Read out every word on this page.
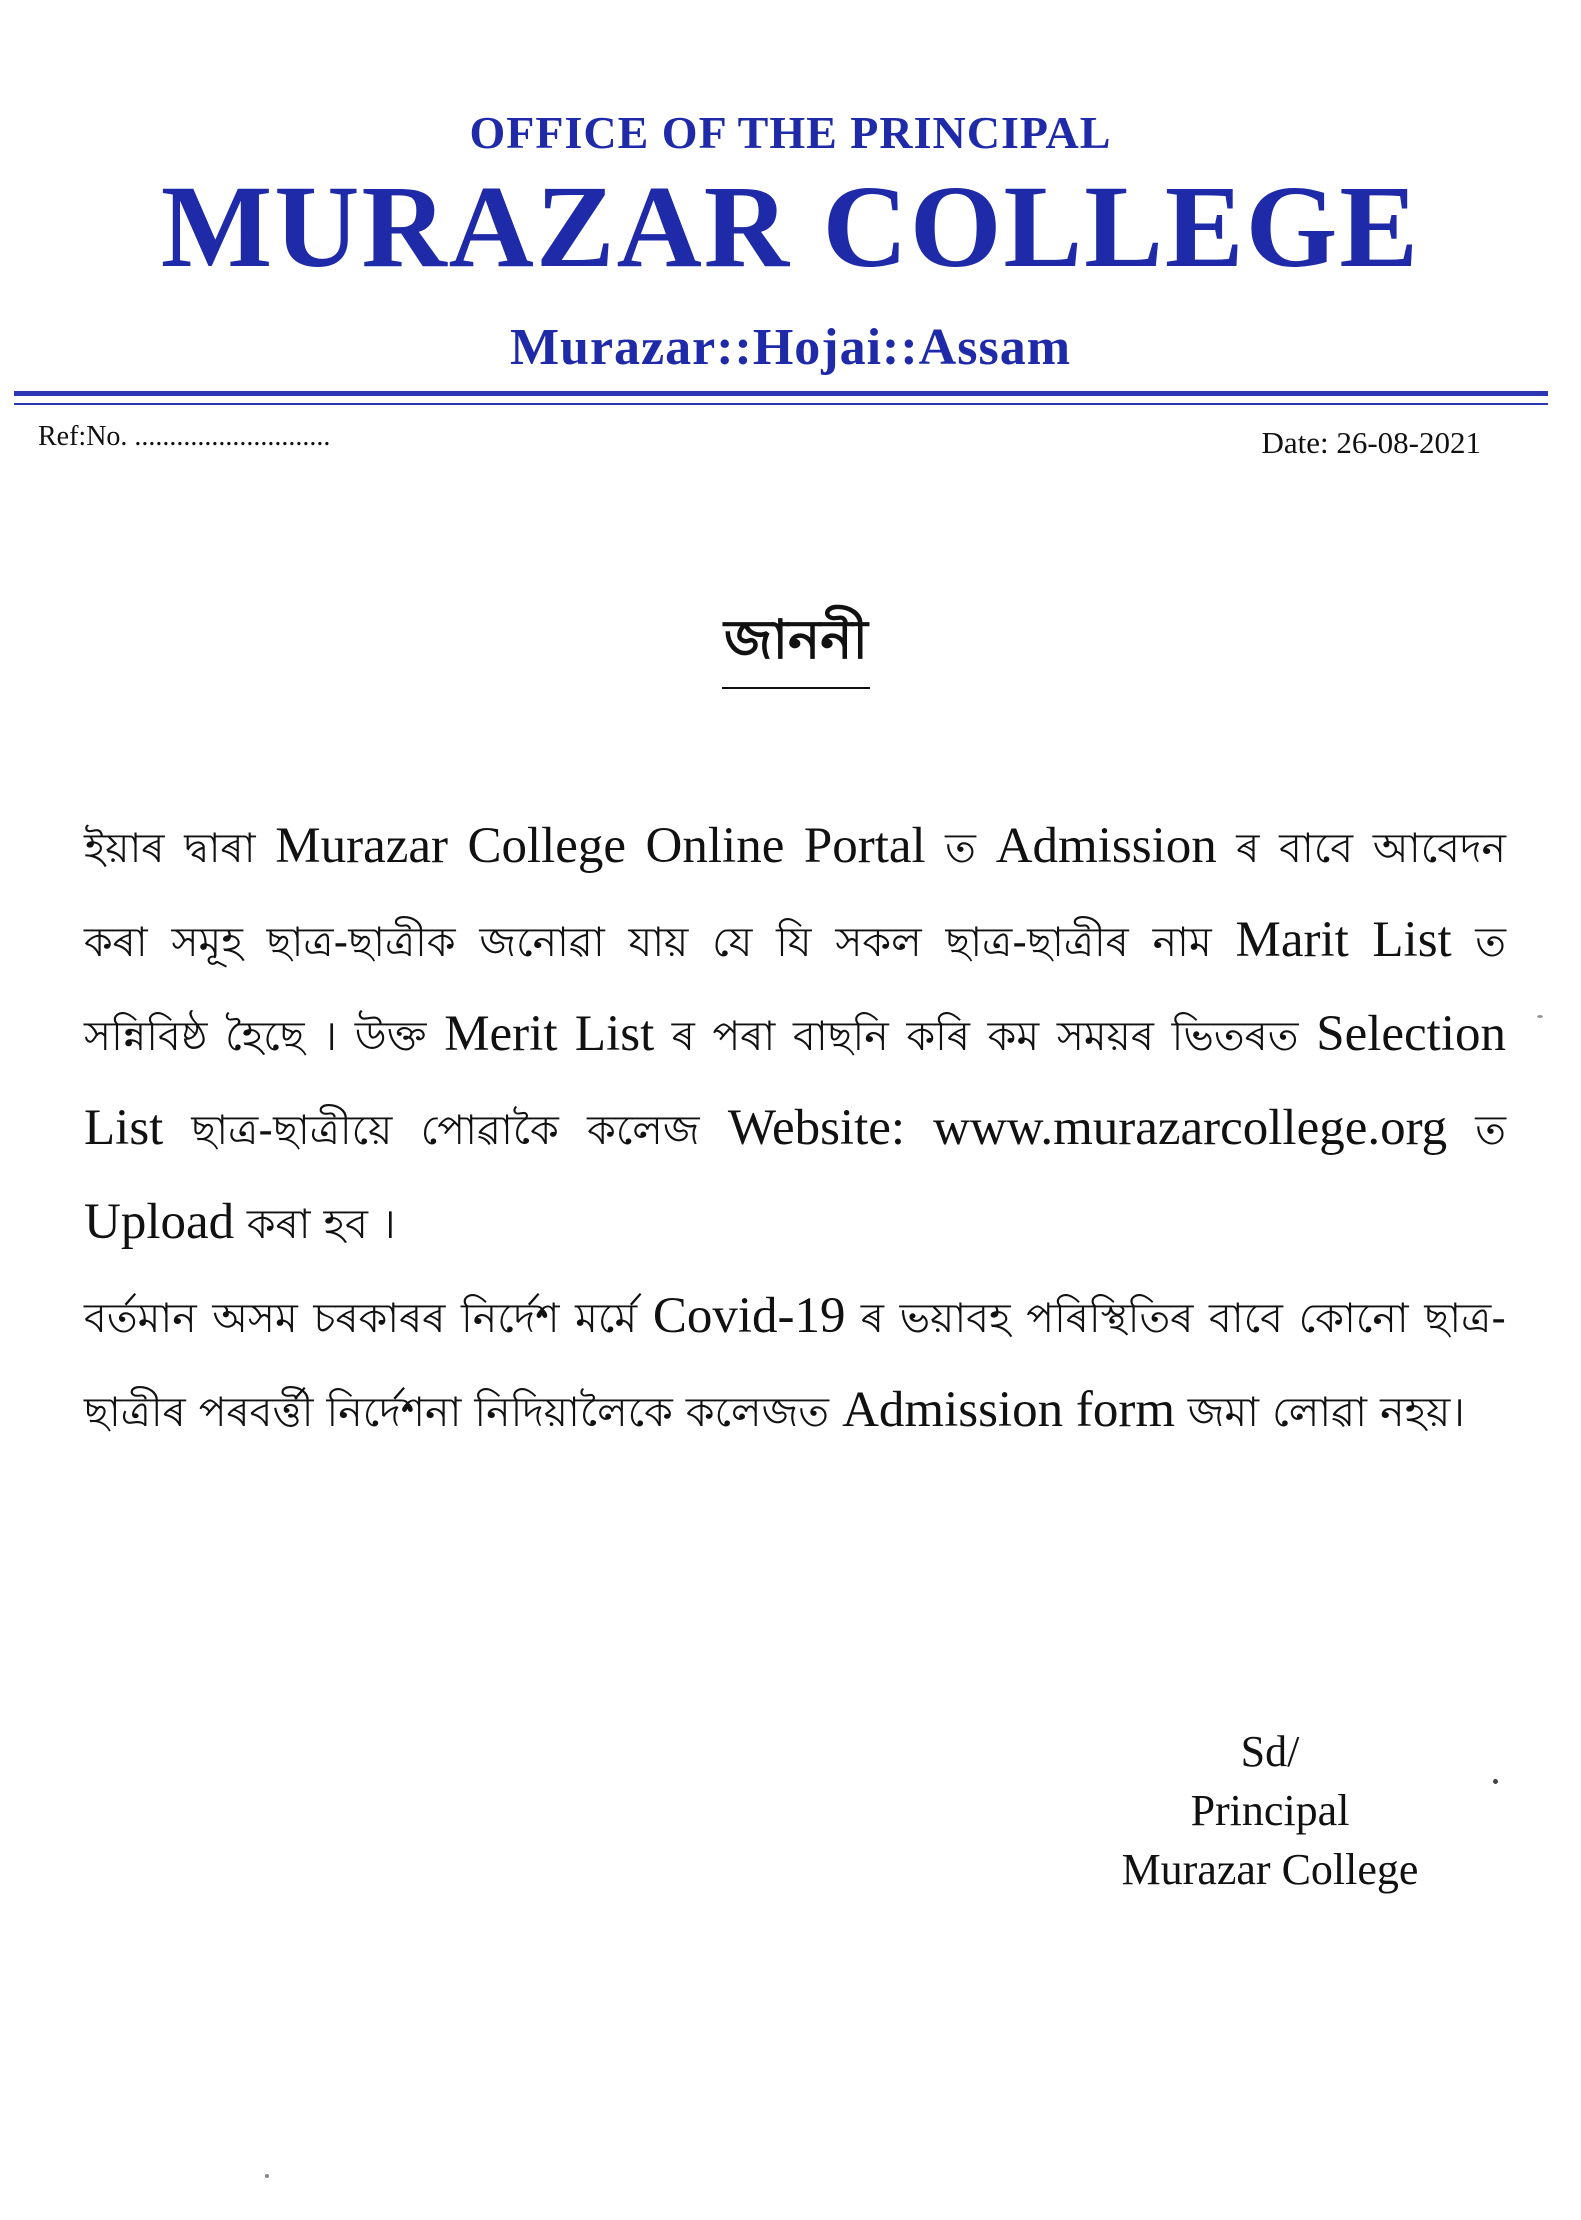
OFFICE OF THE PRINCIPAL
MURAZAR COLLEGE
Murazar::Hojai::Assam
Ref:No. ............................	Date: 26-08-2021
জাননী

ইয়াৰ দ্বাৰা Murazar College Online Portal ত Admission ৰ বাবে আবেদন কৰা সমূহ ছাত্ৰ-ছাত্ৰীক জনোৱা যায় যে যি সকল ছাত্ৰ-ছাত্ৰীৰ নাম Marit List ত সন্নিবিষ্ঠ হৈছে । উক্ত Merit List ৰ পৰা বাছনি কৰি কম সময়ৰ ভিতৰত Selection List ছাত্ৰ-ছাত্ৰীয়ে পোৱাকৈ কলেজ Website: www.murazarcollege.org ত Upload কৰা হব ।

বৰ্তমান অসম চৰকাৰৰ নিৰ্দেশ মৰ্মে Covid-19 ৰ ভয়াবহ পৰিস্থিতিৰ বাবে কোনো ছাত্ৰ-ছাত্ৰীৰ পৰবৰ্ত্তী নিৰ্দেশনা নিদিয়ালৈকে কলেজত Admission form জমা লোৱা নহয়।

Sd/
Principal
Murazar College
